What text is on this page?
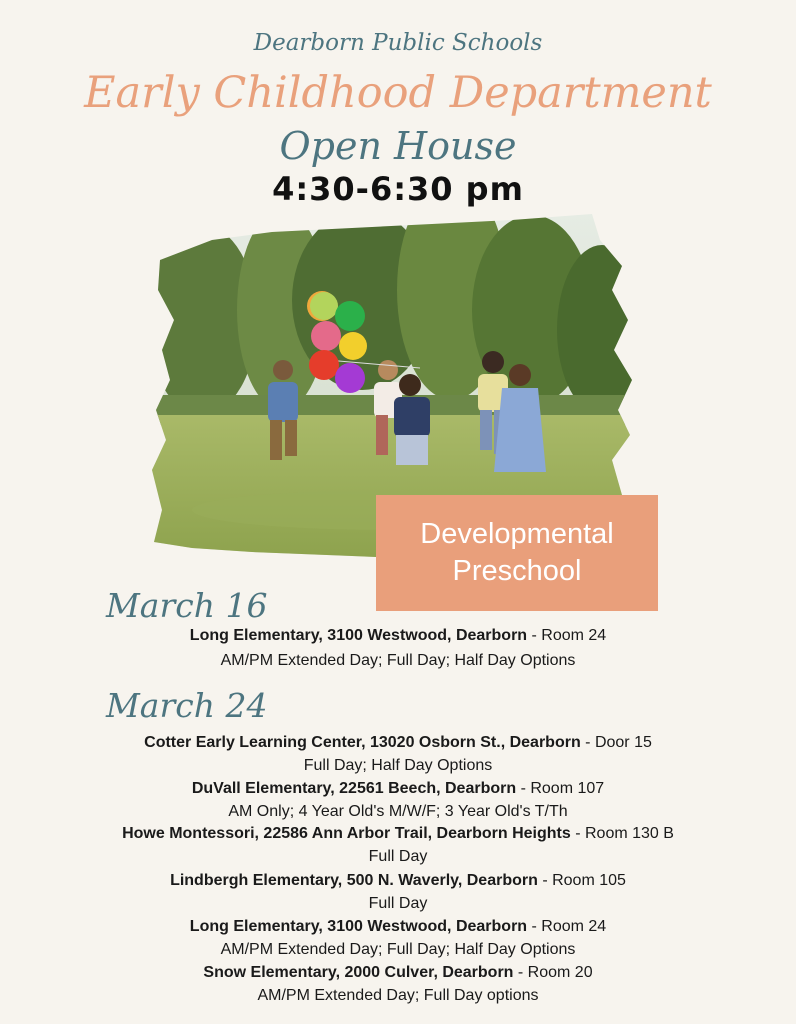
Dearborn Public Schools
Early Childhood Department
Open House
4:30-6:30 pm
Developmental
Preschool
March 16
Long Elementary, 3100 Westwood, Dearborn - Room 24
AM/PM Extended Day; Full Day; Half Day Options
March 24
Cotter Early Learning Center, 13020 Osborn St., Dearborn - Door 15
Full Day; Half Day Options
DuVall Elementary, 22561 Beech, Dearborn - Room 107
AM Only; 4 Year Old's M/W/F; 3 Year Old's T/Th
Howe Montessori, 22586 Ann Arbor Trail, Dearborn Heights - Room 130 B
Full Day
Lindbergh Elementary, 500 N. Waverly, Dearborn - Room 105
Full Day
Long Elementary, 3100 Westwood, Dearborn - Room 24
AM/PM Extended Day; Full Day; Half Day Options
Snow Elementary, 2000 Culver, Dearborn - Room 20
AM/PM Extended Day; Full Day options
